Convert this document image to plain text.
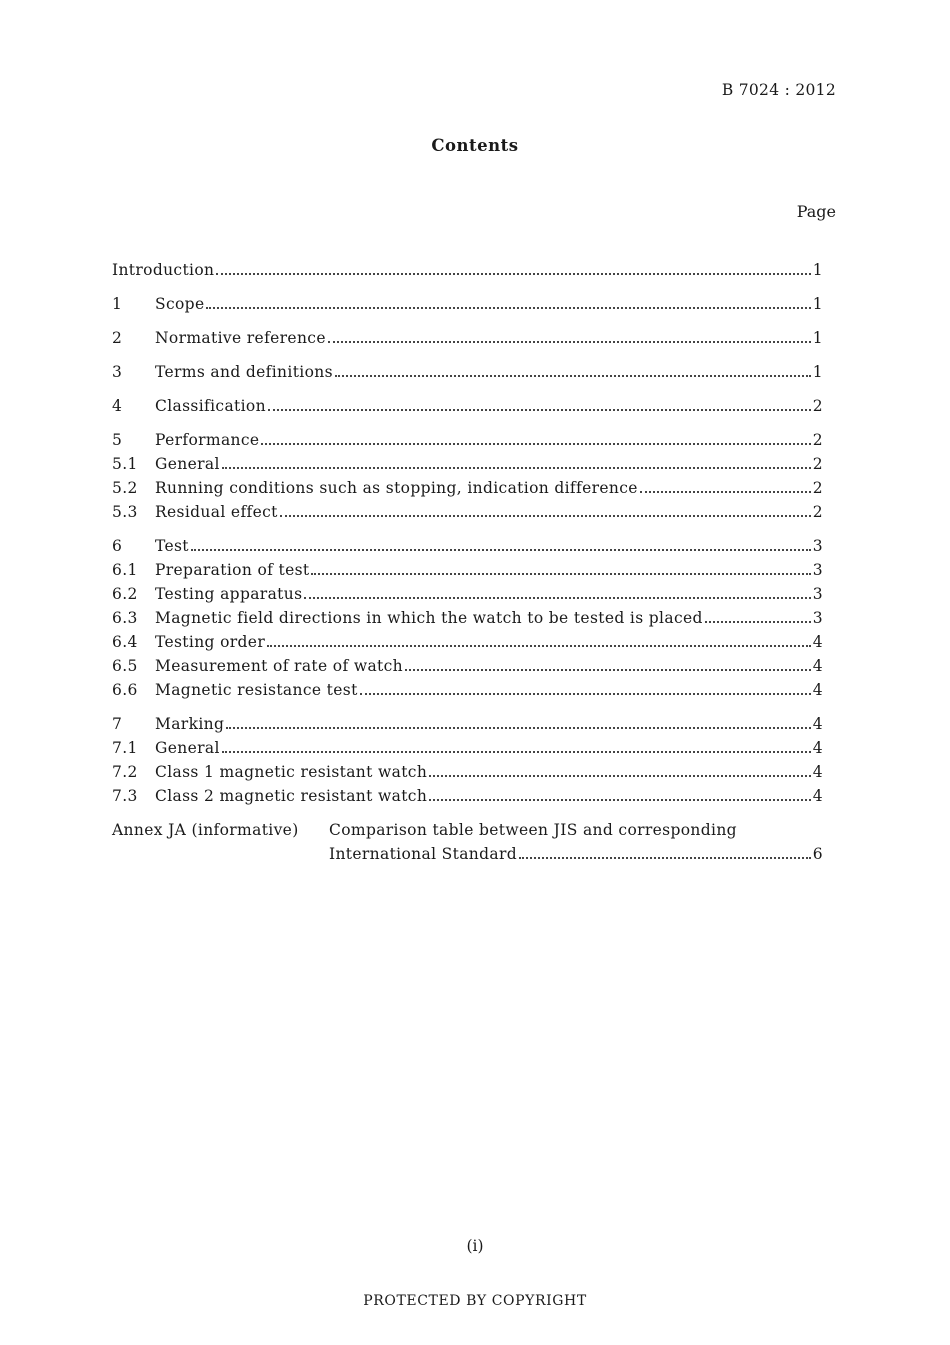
B 7024 : 2012
Contents
Page
Introduction	1
1	Scope	1
2	Normative reference	1
3	Terms and definitions	1
4	Classification	2
5	Performance	2
5.1	General	2
5.2	Running conditions such as stopping, indication difference	2
5.3	Residual effect	2
6	Test	3
6.1	Preparation of test	3
6.2	Testing apparatus	3
6.3	Magnetic field directions in which the watch to be tested is placed	3
6.4	Testing order	4
6.5	Measurement of rate of watch	4
6.6	Magnetic resistance test	4
7	Marking	4
7.1	General	4
7.2	Class 1 magnetic resistant watch	4
7.3	Class 2 magnetic resistant watch	4
Annex JA (informative)	Comparison table between JIS and corresponding
International Standard	6
(i)
PROTECTED BY COPYRIGHT
